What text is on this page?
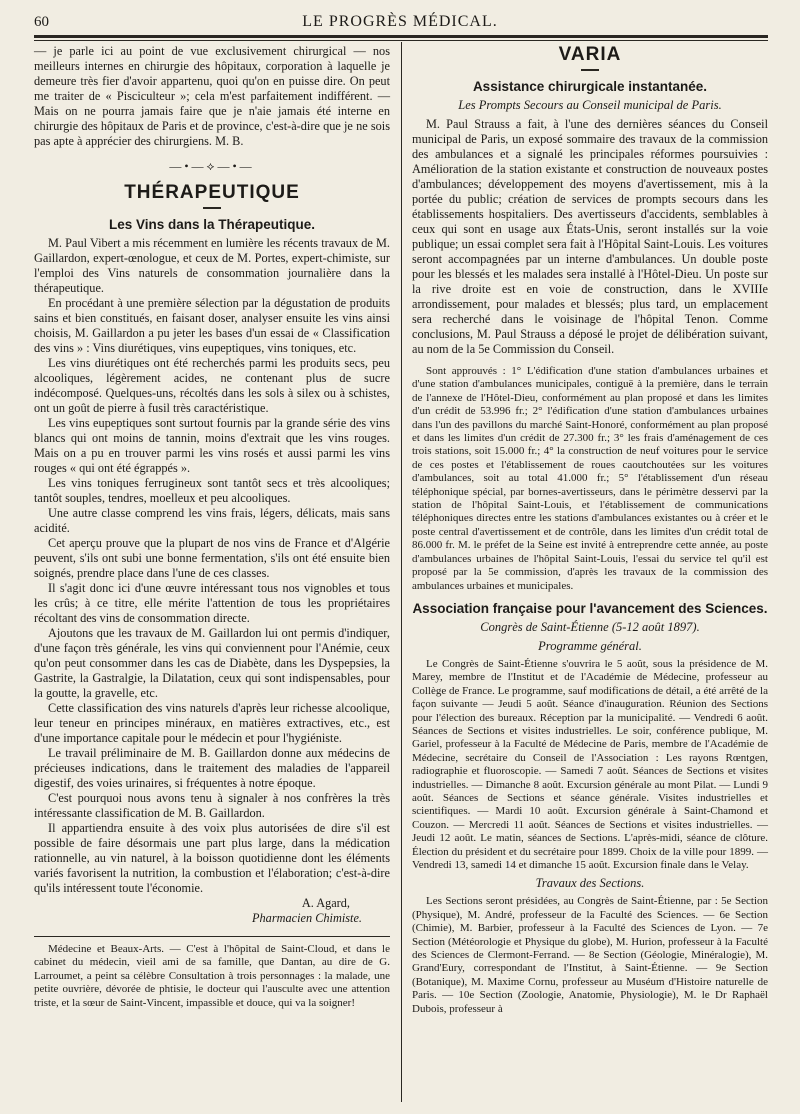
60	LE PROGRÈS MÉDICAL.

— je parle ici au point de vue exclusivement chirurgical — nos meilleurs internes en chirurgie des hôpitaux, corporation à laquelle je demeure très fier d'avoir appartenu, quoi qu'on en puisse dire. On peut me traiter de « Pisciculteur »; cela m'est parfaitement indifférent. — Mais on ne pourra jamais faire que je n'aie jamais été interne en chirurgie des hôpitaux de Paris et de province, c'est-à-dire que je ne sois pas apte à apprécier des chirurgiens. M. B.

—•—⟡—•—
THÉRAPEUTIQUE
Les Vins dans la Thérapeutique.

M. Paul Vibert a mis récemment en lumière les récents travaux de M. Gaillardon, expert-œnologue, et ceux de M. Portes, expert-chimiste, sur l'emploi des Vins naturels de consommation journalière dans la thérapeutique.

En procédant à une première sélection par la dégustation de produits sains et bien constitués, en faisant doser, analyser ensuite les vins ainsi choisis, M. Gaillardon a pu jeter les bases d'un essai de « Classification des vins » : Vins diurétiques, vins eupeptiques, vins toniques, etc.

Les vins diurétiques ont été recherchés parmi les produits secs, peu alcooliques, légèrement acides, ne contenant plus de sucre indécomposé. Quelques-uns, récoltés dans les sols à silex ou à schistes, ont un goût de pierre à fusil très caractéristique.

Les vins eupeptiques sont surtout fournis par la grande série des vins blancs qui ont moins de tannin, moins d'extrait que les vins rouges. Mais on a pu en trouver parmi les vins rosés et aussi parmi les vins rouges « qui ont été égrappés ».

Les vins toniques ferrugineux sont tantôt secs et très alcooliques; tantôt souples, tendres, moelleux et peu alcooliques.

Une autre classe comprend les vins frais, légers, délicats, mais sans acidité.

Cet aperçu prouve que la plupart de nos vins de France et d'Algérie peuvent, s'ils ont subi une bonne fermentation, s'ils ont été ensuite bien soignés, prendre place dans l'une de ces classes.

Il s'agit donc ici d'une œuvre intéressant tous nos vignobles et tous les crûs; à ce titre, elle mérite l'attention de tous les propriétaires récoltant des vins de consommation directe.

Ajoutons que les travaux de M. Gaillardon lui ont permis d'indiquer, d'une façon très générale, les vins qui conviennent pour l'Anémie, ceux qu'on peut consommer dans les cas de Diabète, dans les Dyspepsies, la Gastrite, la Gastralgie, la Dilatation, ceux qui sont indispensables, pour la goutte, la gravelle, etc.

Cette classification des vins naturels d'après leur richesse alcoolique, leur teneur en principes minéraux, en matières extractives, etc., est d'une importance capitale pour le médecin et pour l'hygiéniste.

Le travail préliminaire de M. B. Gaillardon donne aux médecins de précieuses indications, dans le traitement des maladies de l'appareil digestif, des voies urinaires, si fréquentes à notre époque.

C'est pourquoi nous avons tenu à signaler à nos confrères la très intéressante classification de M. B. Gaillardon.

Il appartiendra ensuite à des voix plus autorisées de dire s'il est possible de faire désormais une part plus large, dans la médication rationnelle, au vin naturel, à la boisson quotidienne dont les éléments variés favorisent la nutrition, la combustion et l'élaboration; c'est-à-dire qu'ils intéressent toute l'économie.

A. Agard,
Pharmacien Chimiste.

Médecine et Beaux-Arts. — C'est à l'hôpital de Saint-Cloud, et dans le cabinet du médecin, vieil ami de sa famille, que Dantan, au dire de G. Larroumet, a peint sa célèbre Consultation à trois personnages : la malade, une petite ouvrière, dévorée de phtisie, le docteur qui l'ausculte avec une attention triste, et la sœur de Saint-Vincent, impassible et douce, qui va la soigner!

VARIA
Assistance chirurgicale instantanée.
Les Prompts Secours au Conseil municipal de Paris.

M. Paul Strauss a fait, à l'une des dernières séances du Conseil municipal de Paris, un exposé sommaire des travaux de la commission des ambulances et a signalé les principales réformes poursuivies : Amélioration de la station existante et construction de nouveaux postes d'ambulances; développement des moyens d'avertissement, mis à la portée du public; création de services de prompts secours dans les établissements hospitaliers. Des avertisseurs d'accidents, semblables à ceux qui sont en usage aux États-Unis, seront installés sur la voie publique; un essai complet sera fait à l'Hôpital Saint-Louis. Les voitures seront accompagnées par un interne d'ambulances. Un double poste pour les blessés et les malades sera installé à l'Hôtel-Dieu. Un poste sur la rive droite est en voie de construction, dans le XVIIIe arrondissement, pour malades et blessés; plus tard, un emplacement sera recherché dans le voisinage de l'hôpital Tenon. Comme conclusions, M. Paul Strauss a déposé le projet de délibération suivant, au nom de la 5e Commission du Conseil.

Sont approuvés : 1° L'édification d'une station d'ambulances urbaines et d'une station d'ambulances municipales, contiguë à la première, dans le terrain de l'annexe de l'Hôtel-Dieu, conformément au plan proposé et dans les limites d'un crédit de 53.996 fr.; 2° l'édification d'une station d'ambulances urbaines dans l'un des pavillons du marché Saint-Honoré, conformément au plan proposé et dans les limites d'un crédit de 27.300 fr.; 3° les frais d'aménagement de ces trois stations, soit 15.000 fr.; 4° la construction de neuf voitures pour le service de ces postes et l'établissement de roues caoutchoutées sur les voitures d'ambulances, soit au total 41.000 fr.; 5° l'établissement d'un réseau téléphonique spécial, par bornes-avertisseurs, dans le périmètre desservi par la station de l'hôpital Saint-Louis, et l'établissement de communications téléphoniques directes entre les stations d'ambulances existantes ou à créer et le poste central d'avertissement et de contrôle, dans les limites d'un crédit total de 86.000 fr. M. le préfet de la Seine est invité à entreprendre cette année, au poste d'ambulances urbaines de l'hôpital Saint-Louis, l'essai du service tel qu'il est proposé par la 5e commission, d'après les travaux de la commission des ambulances urbaines et municipales.

Association française pour l'avancement des Sciences.
Congrès de Saint-Étienne (5-12 août 1897).
Programme général.

Le Congrès de Saint-Étienne s'ouvrira le 5 août, sous la présidence de M. Marey, membre de l'Institut et de l'Académie de Médecine, professeur au Collège de France. Le programme, sauf modifications de détail, a été arrêté de la façon suivante — Jeudi 5 août. Séance d'inauguration. Réunion des Sections pour l'élection des bureaux. Réception par la municipalité. — Vendredi 6 août. Séances de Sections et visites industrielles. Le soir, conférence publique, M. Gariel, professeur à la Faculté de Médecine de Paris, membre de l'Académie de Médecine, secrétaire du Conseil de l'Association : Les rayons Rœntgen, radiographie et fluoroscopie. — Samedi 7 août. Séances de Sections et visites industrielles. — Dimanche 8 août. Excursion générale au mont Pilat. — Lundi 9 août. Séances de Sections et séance générale. Visites industrielles et scientifiques. — Mardi 10 août. Excursion générale à Saint-Chamond et Couzon. — Mercredi 11 août. Séances de Sections et visites industrielles. — Jeudi 12 août. Le matin, séances de Sections. L'après-midi, séance de clôture. Élection du président et du secrétaire pour 1899. Choix de la ville pour 1899. — Vendredi 13, samedi 14 et dimanche 15 août. Excursion finale dans le Velay.

Travaux des Sections.

Les Sections seront présidées, au Congrès de Saint-Étienne, par : 5e Section (Physique), M. André, professeur de la Faculté des Sciences. — 6e Section (Chimie), M. Barbier, professeur à la Faculté des Sciences de Lyon. — 7e Section (Météorologie et Physique du globe), M. Hurion, professeur à la Faculté des Sciences de Clermont-Ferrand. — 8e Section (Géologie, Minéralogie), M. Grand'Eury, correspondant de l'Institut, à Saint-Étienne. — 9e Section (Botanique), M. Maxime Cornu, professeur au Muséum d'Histoire naturelle de Paris. — 10e Section (Zoologie, Anatomie, Physiologie), M. le Dr Raphaël Dubois, professeur à
